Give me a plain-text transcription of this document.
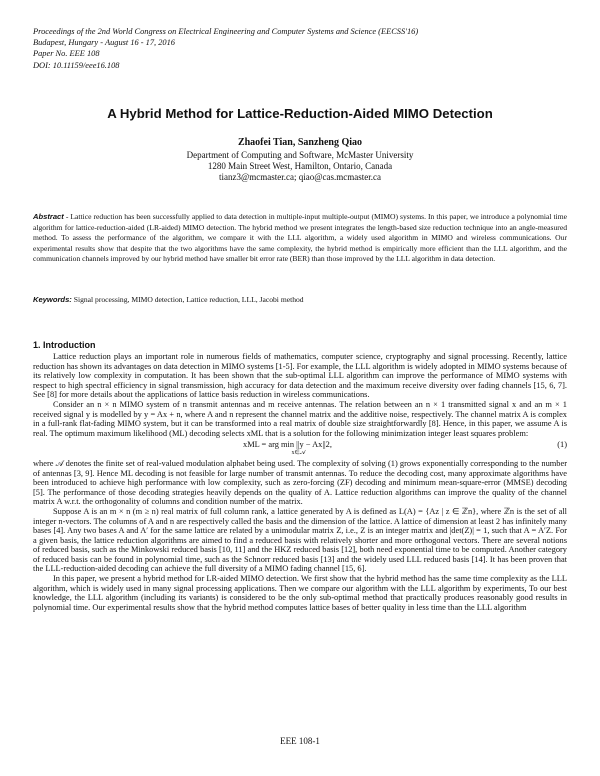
Proceedings of the 2nd World Congress on Electrical Engineering and Computer Systems and Science (EECSS'16)
Budapest, Hungary - August 16 - 17, 2016
Paper No. EEE 108
DOI: 10.11159/eee16.108
A Hybrid Method for Lattice-Reduction-Aided MIMO Detection
Zhaofei Tian, Sanzheng Qiao
Department of Computing and Software, McMaster University
1280 Main Street West, Hamilton, Ontario, Canada
tianz3@mcmaster.ca; qiao@cas.mcmaster.ca
Abstract - Lattice reduction has been successfully applied to data detection in multiple-input multiple-output (MIMO) systems. In this paper, we introduce a polynomial time algorithm for lattice-reduction-aided (LR-aided) MIMO detection. The hybrid method we present integrates the length-based size reduction technique into an angle-measured method. To assess the performance of the algorithm, we compare it with the LLL algorithm, a widely used algorithm in MIMO and wireless communications. Our experimental results show that despite that the two algorithms have the same complexity, the hybrid method is empirically more efficient than the LLL algorithm, and the communication channels improved by our hybrid method have smaller bit error rate (BER) than those improved by the LLL algorithm in data detection.
Keywords: Signal processing, MIMO detection, Lattice reduction, LLL, Jacobi method
1. Introduction

Lattice reduction plays an important role in numerous fields of mathematics, computer science, cryptography and signal processing. Recently, lattice reduction has shown its advantages on data detection in MIMO systems [1-5]. For example, the LLL algorithm is widely adopted in MIMO systems because of its relatively low complexity in computation. It has been shown that the sub-optimal LLL algorithm can improve the performance of MIMO systems with respect to high spectral efficiency in signal transmission, high accuracy for data detection and the maximum receive diversity over fading channels [15, 6, 7]. See [8] for more details about the applications of lattice basis reduction in wireless communications.

Consider an n × n MIMO system of n transmit antennas and m receive antennas. The relation between an n × 1 transmitted signal x and an m × 1 received signal y is modelled by y = Ax + n, where A and n represent the channel matrix and the additive noise, respectively. The channel matrix A is complex in a full-rank flat-fading MIMO system, but it can be transformed into a real matrix of double size straightforwardly [8]. Hence, in this paper, we assume A is real. The optimum maximum likelihood (ML) decoding selects xML that is a solution for the following minimization integer least squares problem:

xML = arg min ||y − Ax||2,
x∈𝒜
(1)

where 𝒜 denotes the finite set of real-valued modulation alphabet being used. The complexity of solving (1) grows exponentially corresponding to the number of antennas [3, 9]. Hence ML decoding is not feasible for large number of transmit antennas. To reduce the decoding cost, many approximate algorithms have been introduced to achieve high performance with low complexity, such as zero-forcing (ZF) decoding and minimum mean-square-error (MMSE) decoding [5]. The performance of those decoding strategies heavily depends on the quality of A. Lattice reduction algorithms can improve the quality of the channel matrix A w.r.t. the orthogonality of columns and condition number of the matrix.

Suppose A is an m × n (m ≥ n) real matrix of full column rank, a lattice generated by A is defined as L(A) = {Az | z ∈ ℤn}, where ℤn is the set of all integer n-vectors. The columns of A and n are respectively called the basis and the dimension of the lattice. A lattice of dimension at least 2 has infinitely many bases [4]. Any two bases A and A′ for the same lattice are related by a unimodular matrix Z, i.e., Z is an integer matrix and |det(Z)| = 1, such that A = A′Z. For a given basis, the lattice reduction algorithms are aimed to find a reduced basis with relatively shorter and more orthogonal vectors. There are several notions of reduced basis, such as the Minkowski reduced basis [10, 11] and the HKZ reduced basis [12], both need exponential time to be computed. Another category of reduced basis can be found in polynomial time, such as the Schnorr reduced basis [13] and the widely used LLL reduced basis [14]. It has been proven that the LLL-reduction-aided decoding can achieve the full diversity of a MIMO fading channel [15, 6].

In this paper, we present a hybrid method for LR-aided MIMO detection. We first show that the hybrid method has the same time complexity as the LLL algorithm, which is widely used in many signal processing applications. Then we compare our algorithm with the LLL algorithm by experiments, To our best knowledge, the LLL algorithm (including its variants) is considered to be the only sub-optimal method that practically produces reasonably good results in polynomial time. Our experimental results show that the hybrid method computes lattice bases of better quality in less time than the LLL algorithm

EEE 108-1
